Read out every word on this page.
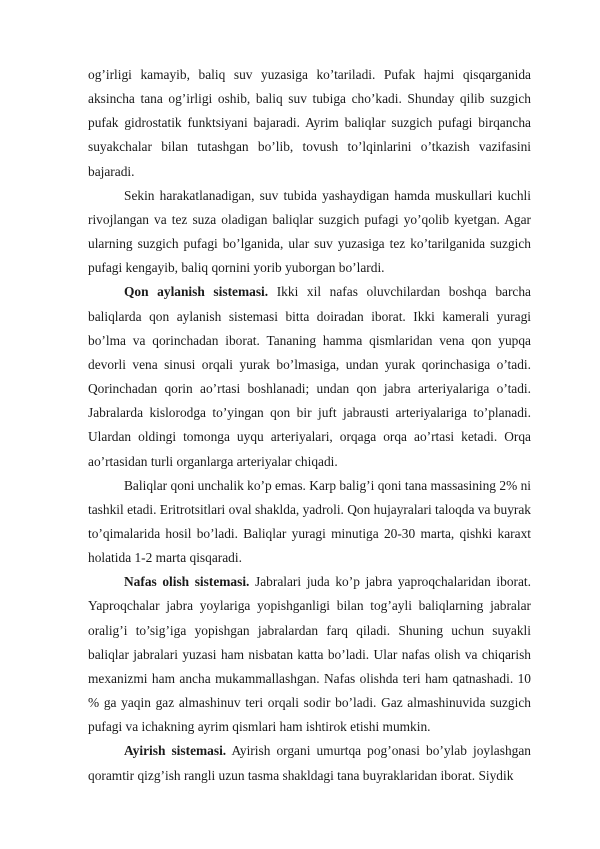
og’irligi kamayib, baliq suv yuzasiga ko’tariladi. Pufak hajmi qisqarganida aksincha tana og’irligi oshib, baliq suv tubiga cho’kadi. Shunday qilib suzgich pufak gidrostatik funktsiyani bajaradi. Ayrim baliqlar suzgich pufagi birqancha suyakchalar bilan tutashgan bo’lib, tovush to’lqinlarini o’tkazish vazifasini bajaradi.

Sekin harakatlanadigan, suv tubida yashaydigan hamda muskullari kuchli rivojlangan va tez suza oladigan baliqlar suzgich pufagi yo’qolib kyetgan. Agar ularning suzgich pufagi bo’lganida, ular suv yuzasiga tez ko’tarilganida suzgich pufagi kengayib, baliq qornini yorib yuborgan bo’lardi.

Qon aylanish sistemasi. Ikki xil nafas oluvchilardan boshqa barcha baliqlarda qon aylanish sistemasi bitta doiradan iborat. Ikki kamerali yuragi bo’lma va qorinchadan iborat. Tananing hamma qismlaridan vena qon yupqa devorli vena sinusi orqali yurak bo’lmasiga, undan yurak qorinchasiga o’tadi. Qorinchadan qorin ao’rtasi boshlanadi; undan qon jabra arteriyalariga o’tadi. Jabralarda kislorodga to’yingan qon bir juft jabrausti arteriyalariga to’planadi. Ulardan oldingi tomonga uyqu arteriyalari, orqaga orqa ao’rtasi ketadi. Orqa ao’rtasidan turli organlarga arteriyalar chiqadi.

Baliqlar qoni unchalik ko’p emas. Karp balig’i qoni tana massasining 2% ni tashkil etadi. Eritrotsitlari oval shaklda, yadroli. Qon hujayralari taloqda va buyrak to’qimalarida hosil bo’ladi. Baliqlar yuragi minutiga 20-30 marta, qishki karaxt holatida 1-2 marta qisqaradi.

Nafas olish sistemasi. Jabralari juda ko’p jabra yaproqchalaridan iborat. Yaproqchalar jabra yoylariga yopishganligi bilan tog’ayli baliqlarning jabralar oralig’i to’sig’iga yopishgan jabralardan farq qiladi. Shuning uchun suyakli baliqlar jabralari yuzasi ham nisbatan katta bo’ladi. Ular nafas olish va chiqarish mexanizmi ham ancha mukammallashgan. Nafas olishda teri ham qatnashadi. 10 % ga yaqin gaz almashinuv teri orqali sodir bo’ladi. Gaz almashinuvida suzgich pufagi va ichakning ayrim qismlari ham ishtirok etishi mumkin.

Ayirish sistemasi. Ayirish organi umurtqa pog’onasi bo’ylab joylashgan qoramtir qizg’ish rangli uzun tasma shakldagi tana buyraklaridan iborat. Siydik
